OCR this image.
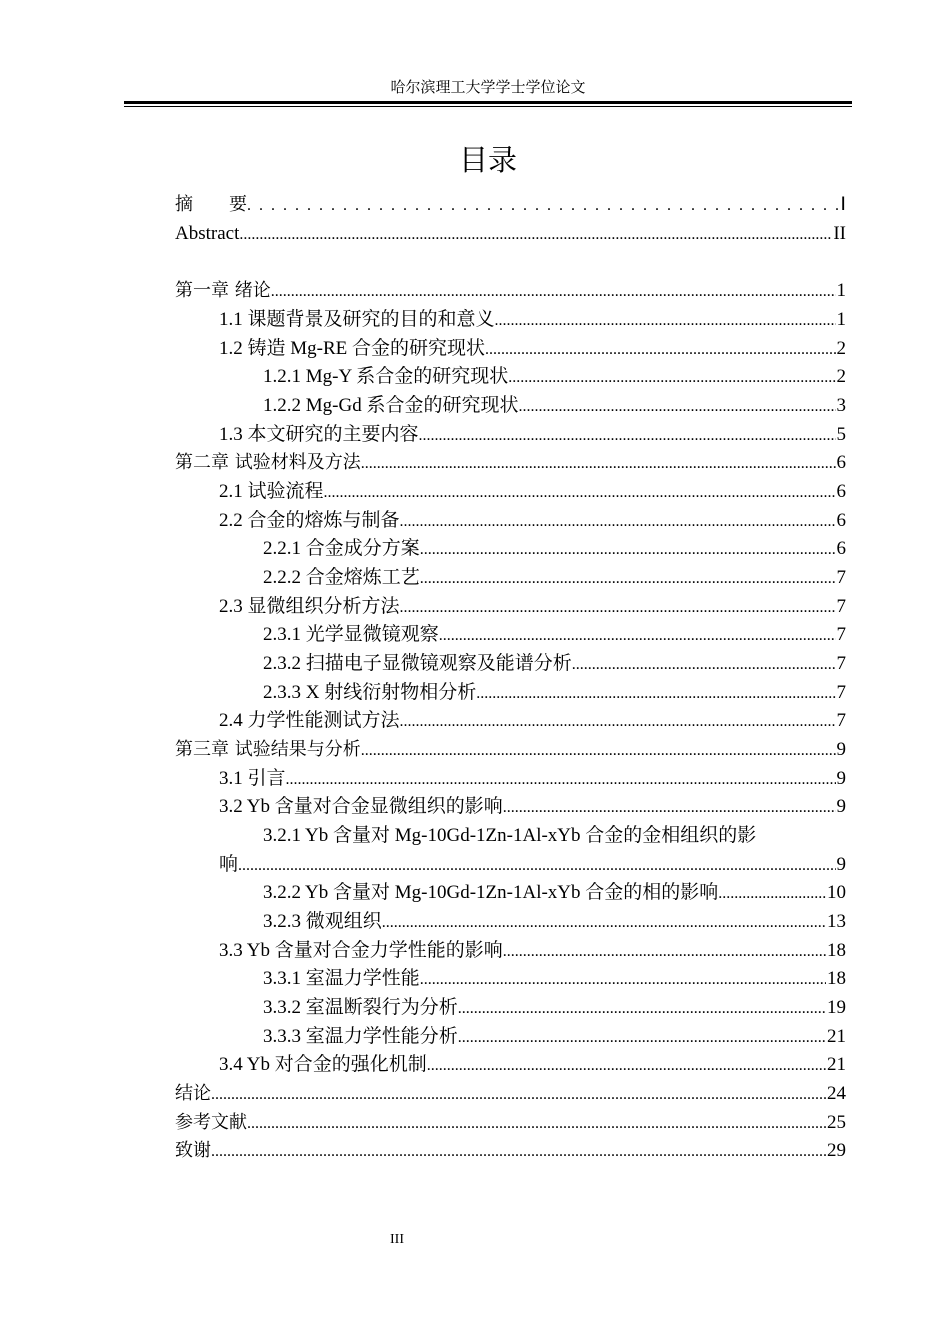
哈尔滨理工大学学士学位论文
目录
摘　　要 . . .	I
Abstract .....	II
第一章 绪论 .....	1
1.1 课题背景及研究的目的和意义 .....	1
1.2 铸造 Mg-RE 合金的研究现状 .....	2
1.2.1 Mg-Y 系合金的研究现状 .....	2
1.2.2 Mg-Gd 系合金的研究现状 .....	3
1.3 本文研究的主要内容 .....	5
第二章 试验材料及方法 .....	6
2.1 试验流程 .....	6
2.2 合金的熔炼与制备 .....	6
2.2.1 合金成分方案 .....	6
2.2.2 合金熔炼工艺 .....	7
2.3 显微组织分析方法 .....	7
2.3.1 光学显微镜观察 .....	7
2.3.2 扫描电子显微镜观察及能谱分析 .....	7
2.3.3 X 射线衍射物相分析 .....	7
2.4 力学性能测试方法 .....	7
第三章 试验结果与分析 .....	9
3.1 引言 .....	9
3.2 Yb 含量对合金显微组织的影响 .....	9
3.2.1 Yb 含量对 Mg-10Gd-1Zn-1Al-xYb 合金的金相组织的影
响 .....	9
3.2.2 Yb 含量对 Mg-10Gd-1Zn-1Al-xYb 合金的相的影响 .....	10
3.2.3 微观组织 .....	13
3.3 Yb 含量对合金力学性能的影响 .....	18
3.3.1 室温力学性能 .....	18
3.3.2 室温断裂行为分析 .....	19
3.3.3 室温力学性能分析 .....	21
3.4 Yb 对合金的强化机制 .....	21
结论 .....	24
参考文献 .....	25
致谢 .....	29
III
